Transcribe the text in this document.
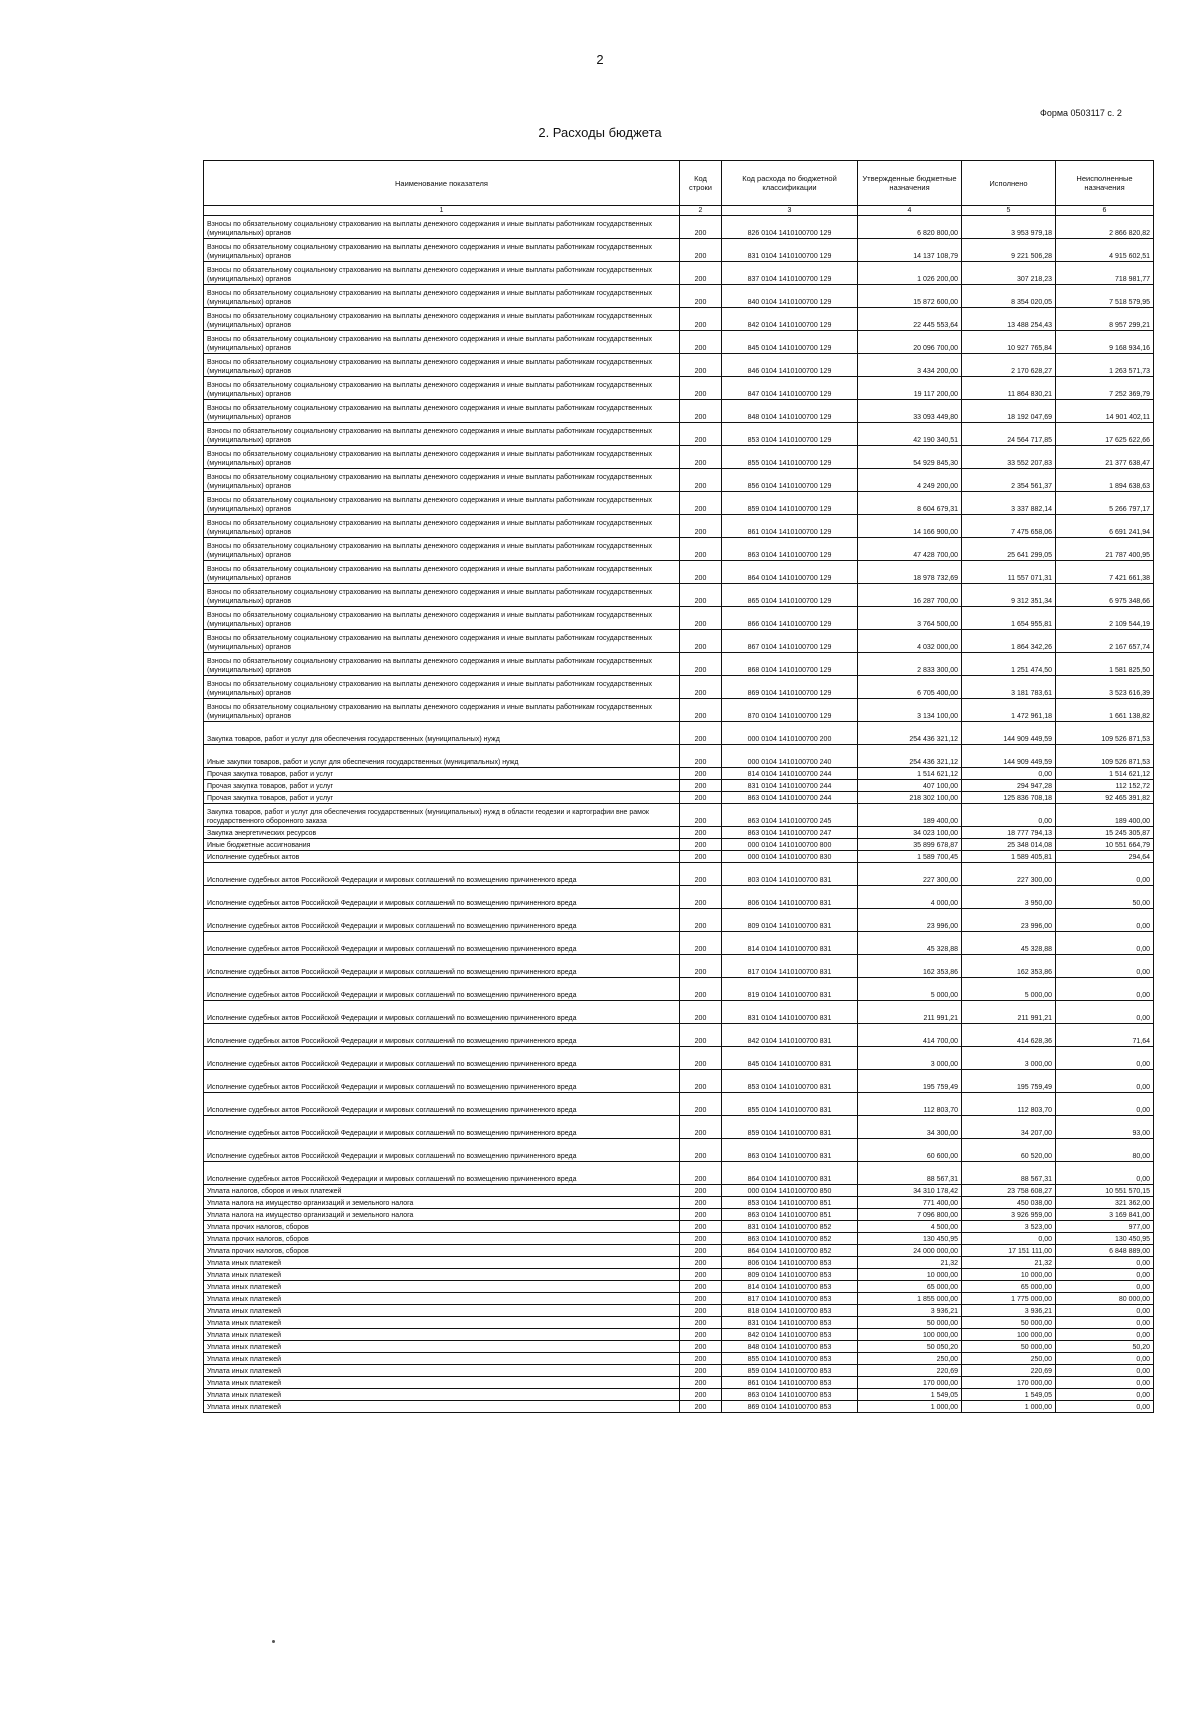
2
Форма 0503117 с. 2
2. Расходы бюджета
Наименование показателя	Код строки	Код расхода по бюджетной классификации	Утвержденные бюджетные назначения	Исполнено	Неисполненные назначения
1	2	3	4	5	6
Взносы по обязательному социальному страхованию на выплаты денежного содержания и иные выплаты работникам государственных (муниципальных) органов	200	826 0104 1410100700 129	6 820 800,00	3 953 979,18	2 866 820,82
Взносы по обязательному социальному страхованию на выплаты денежного содержания и иные выплаты работникам государственных (муниципальных) органов	200	831 0104 1410100700 129	14 137 108,79	9 221 506,28	4 915 602,51
Взносы по обязательному социальному страхованию на выплаты денежного содержания и иные выплаты работникам государственных (муниципальных) органов	200	837 0104 1410100700 129	1 026 200,00	307 218,23	718 981,77
Взносы по обязательному социальному страхованию на выплаты денежного содержания и иные выплаты работникам государственных (муниципальных) органов	200	840 0104 1410100700 129	15 872 600,00	8 354 020,05	7 518 579,95
Взносы по обязательному социальному страхованию на выплаты денежного содержания и иные выплаты работникам государственных (муниципальных) органов	200	842 0104 1410100700 129	22 445 553,64	13 488 254,43	8 957 299,21
Взносы по обязательному социальному страхованию на выплаты денежного содержания и иные выплаты работникам государственных (муниципальных) органов	200	845 0104 1410100700 129	20 096 700,00	10 927 765,84	9 168 934,16
Взносы по обязательному социальному страхованию на выплаты денежного содержания и иные выплаты работникам государственных (муниципальных) органов	200	846 0104 1410100700 129	3 434 200,00	2 170 628,27	1 263 571,73
Взносы по обязательному социальному страхованию на выплаты денежного содержания и иные выплаты работникам государственных (муниципальных) органов	200	847 0104 1410100700 129	19 117 200,00	11 864 830,21	7 252 369,79
Взносы по обязательному социальному страхованию на выплаты денежного содержания и иные выплаты работникам государственных (муниципальных) органов	200	848 0104 1410100700 129	33 093 449,80	18 192 047,69	14 901 402,11
Взносы по обязательному социальному страхованию на выплаты денежного содержания и иные выплаты работникам государственных (муниципальных) органов	200	853 0104 1410100700 129	42 190 340,51	24 564 717,85	17 625 622,66
Взносы по обязательному социальному страхованию на выплаты денежного содержания и иные выплаты работникам государственных (муниципальных) органов	200	855 0104 1410100700 129	54 929 845,30	33 552 207,83	21 377 638,47
Взносы по обязательному социальному страхованию на выплаты денежного содержания и иные выплаты работникам государственных (муниципальных) органов	200	856 0104 1410100700 129	4 249 200,00	2 354 561,37	1 894 638,63
Взносы по обязательному социальному страхованию на выплаты денежного содержания и иные выплаты работникам государственных (муниципальных) органов	200	859 0104 1410100700 129	8 604 679,31	3 337 882,14	5 266 797,17
Взносы по обязательному социальному страхованию на выплаты денежного содержания и иные выплаты работникам государственных (муниципальных) органов	200	861 0104 1410100700 129	14 166 900,00	7 475 658,06	6 691 241,94
Взносы по обязательному социальному страхованию на выплаты денежного содержания и иные выплаты работникам государственных (муниципальных) органов	200	863 0104 1410100700 129	47 428 700,00	25 641 299,05	21 787 400,95
Взносы по обязательному социальному страхованию на выплаты денежного содержания и иные выплаты работникам государственных (муниципальных) органов	200	864 0104 1410100700 129	18 978 732,69	11 557 071,31	7 421 661,38
Взносы по обязательному социальному страхованию на выплаты денежного содержания и иные выплаты работникам государственных (муниципальных) органов	200	865 0104 1410100700 129	16 287 700,00	9 312 351,34	6 975 348,66
Взносы по обязательному социальному страхованию на выплаты денежного содержания и иные выплаты работникам государственных (муниципальных) органов	200	866 0104 1410100700 129	3 764 500,00	1 654 955,81	2 109 544,19
Взносы по обязательному социальному страхованию на выплаты денежного содержания и иные выплаты работникам государственных (муниципальных) органов	200	867 0104 1410100700 129	4 032 000,00	1 864 342,26	2 167 657,74
Взносы по обязательному социальному страхованию на выплаты денежного содержания и иные выплаты работникам государственных (муниципальных) органов	200	868 0104 1410100700 129	2 833 300,00	1 251 474,50	1 581 825,50
Взносы по обязательному социальному страхованию на выплаты денежного содержания и иные выплаты работникам государственных (муниципальных) органов	200	869 0104 1410100700 129	6 705 400,00	3 181 783,61	3 523 616,39
Взносы по обязательному социальному страхованию на выплаты денежного содержания и иные выплаты работникам государственных (муниципальных) органов	200	870 0104 1410100700 129	3 134 100,00	1 472 961,18	1 661 138,82
Закупка товаров, работ и услуг для обеспечения государственных (муниципальных) нужд	200	000 0104 1410100700 200	254 436 321,12	144 909 449,59	109 526 871,53
Иные закупки товаров, работ и услуг для обеспечения государственных (муниципальных) нужд	200	000 0104 1410100700 240	254 436 321,12	144 909 449,59	109 526 871,53
Прочая закупка товаров, работ и услуг	200	814 0104 1410100700 244	1 514 621,12	0,00	1 514 621,12
Прочая закупка товаров, работ и услуг	200	831 0104 1410100700 244	407 100,00	294 947,28	112 152,72
Прочая закупка товаров, работ и услуг	200	863 0104 1410100700 244	218 302 100,00	125 836 708,18	92 465 391,82
Закупка товаров, работ и услуг для обеспечения государственных (муниципальных) нужд в области геодезии и картографии вне рамок государственного оборонного заказа	200	863 0104 1410100700 245	189 400,00	0,00	189 400,00
Закупка энергетических ресурсов	200	863 0104 1410100700 247	34 023 100,00	18 777 794,13	15 245 305,87
Иные бюджетные ассигнования	200	000 0104 1410100700 800	35 899 678,87	25 348 014,08	10 551 664,79
Исполнение судебных актов	200	000 0104 1410100700 830	1 589 700,45	1 589 405,81	294,64
Исполнение судебных актов Российской Федерации и мировых соглашений по возмещению причиненного вреда	200	803 0104 1410100700 831	227 300,00	227 300,00	0,00
Исполнение судебных актов Российской Федерации и мировых соглашений по возмещению причиненного вреда	200	806 0104 1410100700 831	4 000,00	3 950,00	50,00
Исполнение судебных актов Российской Федерации и мировых соглашений по возмещению причиненного вреда	200	809 0104 1410100700 831	23 996,00	23 996,00	0,00
Исполнение судебных актов Российской Федерации и мировых соглашений по возмещению причиненного вреда	200	814 0104 1410100700 831	45 328,88	45 328,88	0,00
Исполнение судебных актов Российской Федерации и мировых соглашений по возмещению причиненного вреда	200	817 0104 1410100700 831	162 353,86	162 353,86	0,00
Исполнение судебных актов Российской Федерации и мировых соглашений по возмещению причиненного вреда	200	819 0104 1410100700 831	5 000,00	5 000,00	0,00
Исполнение судебных актов Российской Федерации и мировых соглашений по возмещению причиненного вреда	200	831 0104 1410100700 831	211 991,21	211 991,21	0,00
Исполнение судебных актов Российской Федерации и мировых соглашений по возмещению причиненного вреда	200	842 0104 1410100700 831	414 700,00	414 628,36	71,64
Исполнение судебных актов Российской Федерации и мировых соглашений по возмещению причиненного вреда	200	845 0104 1410100700 831	3 000,00	3 000,00	0,00
Исполнение судебных актов Российской Федерации и мировых соглашений по возмещению причиненного вреда	200	853 0104 1410100700 831	195 759,49	195 759,49	0,00
Исполнение судебных актов Российской Федерации и мировых соглашений по возмещению причиненного вреда	200	855 0104 1410100700 831	112 803,70	112 803,70	0,00
Исполнение судебных актов Российской Федерации и мировых соглашений по возмещению причиненного вреда	200	859 0104 1410100700 831	34 300,00	34 207,00	93,00
Исполнение судебных актов Российской Федерации и мировых соглашений по возмещению причиненного вреда	200	863 0104 1410100700 831	60 600,00	60 520,00	80,00
Исполнение судебных актов Российской Федерации и мировых соглашений по возмещению причиненного вреда	200	864 0104 1410100700 831	88 567,31	88 567,31	0,00
Уплата налогов, сборов и иных платежей	200	000 0104 1410100700 850	34 310 178,42	23 758 608,27	10 551 570,15
Уплата налога на имущество организаций и земельного налога	200	853 0104 1410100700 851	771 400,00	450 038,00	321 362,00
Уплата налога на имущество организаций и земельного налога	200	863 0104 1410100700 851	7 096 800,00	3 926 959,00	3 169 841,00
Уплата прочих налогов, сборов	200	831 0104 1410100700 852	4 500,00	3 523,00	977,00
Уплата прочих налогов, сборов	200	863 0104 1410100700 852	130 450,95	0,00	130 450,95
Уплата прочих налогов, сборов	200	864 0104 1410100700 852	24 000 000,00	17 151 111,00	6 848 889,00
Уплата иных платежей	200	806 0104 1410100700 853	21,32	21,32	0,00
Уплата иных платежей	200	809 0104 1410100700 853	10 000,00	10 000,00	0,00
Уплата иных платежей	200	814 0104 1410100700 853	65 000,00	65 000,00	0,00
Уплата иных платежей	200	817 0104 1410100700 853	1 855 000,00	1 775 000,00	80 000,00
Уплата иных платежей	200	818 0104 1410100700 853	3 936,21	3 936,21	0,00
Уплата иных платежей	200	831 0104 1410100700 853	50 000,00	50 000,00	0,00
Уплата иных платежей	200	842 0104 1410100700 853	100 000,00	100 000,00	0,00
Уплата иных платежей	200	848 0104 1410100700 853	50 050,20	50 000,00	50,20
Уплата иных платежей	200	855 0104 1410100700 853	250,00	250,00	0,00
Уплата иных платежей	200	859 0104 1410100700 853	220,69	220,69	0,00
Уплата иных платежей	200	861 0104 1410100700 853	170 000,00	170 000,00	0,00
Уплата иных платежей	200	863 0104 1410100700 853	1 549,05	1 549,05	0,00
Уплата иных платежей	200	869 0104 1410100700 853	1 000,00	1 000,00	0,00
